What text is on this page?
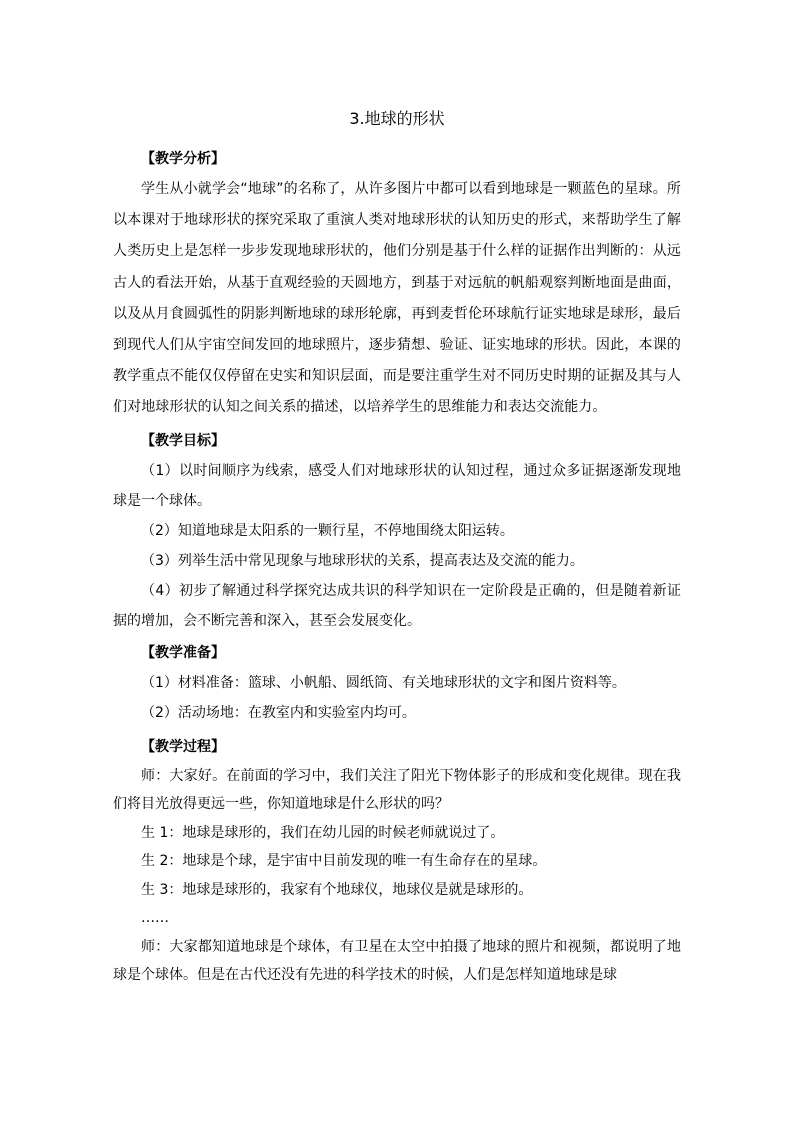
3.地球的形状

【教学分析】

学生从小就学会“地球”的名称了，从许多图片中都可以看到地球是一颗蓝色的星球。所以本课对于地球形状的探究采取了重演人类对地球形状的认知历史的形式，来帮助学生了解人类历史上是怎样一步步发现地球形状的，他们分别是基于什么样的证据作出判断的：从远古人的看法开始，从基于直观经验的天圆地方，到基于对远航的帆船观察判断地面是曲面，以及从月食圆弧性的阴影判断地球的球形轮廓，再到麦哲伦环球航行证实地球是球形，最后到现代人们从宇宙空间发回的地球照片，逐步猜想、验证、证实地球的形状。因此，本课的教学重点不能仅仅停留在史实和知识层面，而是要注重学生对不同历史时期的证据及其与人们对地球形状的认知之间关系的描述，以培养学生的思维能力和表达交流能力。

【教学目标】

（1）以时间顺序为线索，感受人们对地球形状的认知过程，通过众多证据逐渐发现地球是一个球体。

（2）知道地球是太阳系的一颗行星，不停地围绕太阳运转。

（3）列举生活中常见现象与地球形状的关系，提高表达及交流的能力。

（4）初步了解通过科学探究达成共识的科学知识在一定阶段是正确的，但是随着新证据的增加，会不断完善和深入，甚至会发展变化。

【教学准备】

（1）材料准备：篮球、小帆船、圆纸筒、有关地球形状的文字和图片资料等。

（2）活动场地：在教室内和实验室内均可。

【教学过程】

师：大家好。在前面的学习中，我们关注了阳光下物体影子的形成和变化规律。现在我们将目光放得更远一些，你知道地球是什么形状的吗？

生 1：地球是球形的，我们在幼儿园的时候老师就说过了。

生 2：地球是个球，是宇宙中目前发现的唯一有生命存在的星球。

生 3：地球是球形的，我家有个地球仪，地球仪是就是球形的。

……

师：大家都知道地球是个球体，有卫星在太空中拍摄了地球的照片和视频，都说明了地球是个球体。但是在古代还没有先进的科学技术的时候，人们是怎样知道地球是球
